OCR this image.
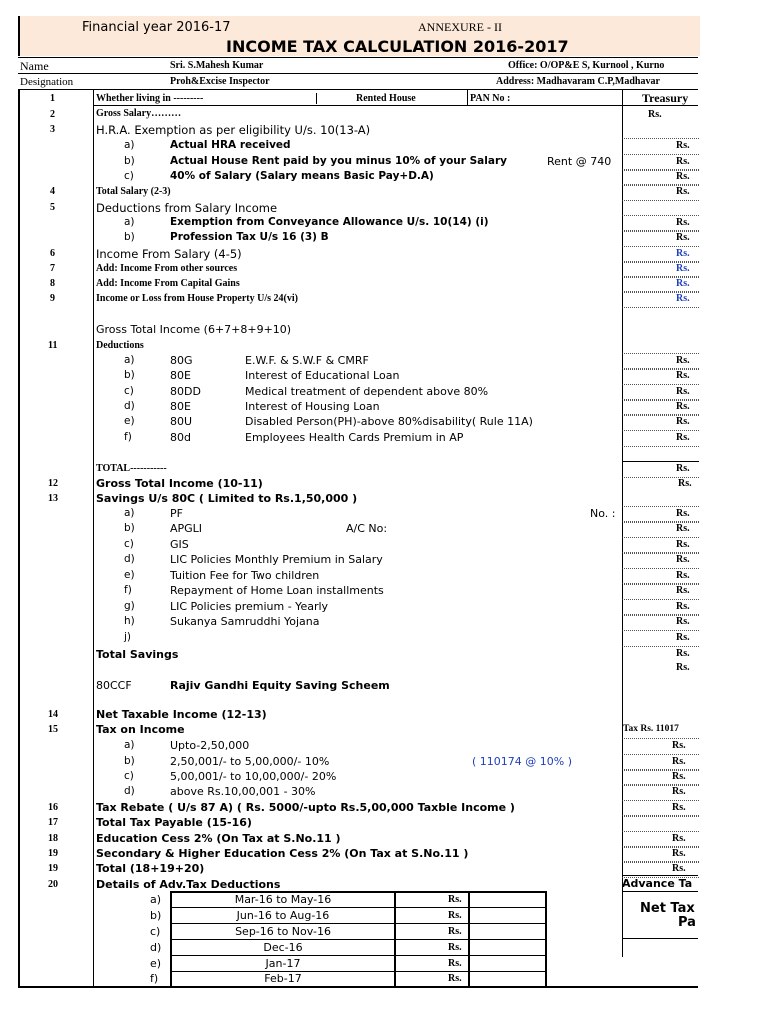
Financial year 2016-17	ANNEXURE - II
INCOME TAX CALCULATION 2016-2017
Name	Sri. S.Mahesh Kumar	Office: O/OP&E S, Kurnool , Kurno
Designation	Proh&Excise Inspector	Address: Madhavaram C.P,Madhavar
1	Whether living in ---------	Rented House	PAN No :	Treasury
2	Gross Salary………	Rs.
3	H.R.A. Exemption as per eligibility U/s. 10(13-A)
a)	Actual HRA received	Rs.
b)	Actual House Rent paid by you minus 10% of your Salary	Rent @ 740	Rs.
c)	40% of Salary (Salary means Basic Pay+D.A)	Rs.
4	Total Salary (2-3)	Rs.
5	Deductions from Salary Income
a)	Exemption from Conveyance Allowance U/s. 10(14) (i)	Rs.
b)	Profession Tax U/s 16 (3) B	Rs.
6	Income From Salary (4-5)	Rs.
7	Add: Income From other sources	Rs.
8	Add: Income From Capital Gains	Rs.
9	Income or Loss from House Property U/s 24(vi)	Rs.
Gross Total Income (6+7+8+9+10)
11	Deductions
a)	80G	E.W.F. & S.W.F & CMRF	Rs.
b)	80E	Interest of Educational Loan	Rs.
c)	80DD	Medical treatment of dependent above 80%	Rs.
d)	80E	Interest of Housing Loan	Rs.
e)	80U	Disabled Person(PH)-above 80%disability( Rule 11A)	Rs.
f)	80d	Employees Health Cards Premium in AP	Rs.
TOTAL-----------	Rs.
12	Gross Total Income (10-11)	Rs.
13	Savings U/s 80C ( Limited to Rs.1,50,000 )
No. :
A/C No:
a)	PF	Rs.
b)	APGLI	Rs.
c)	GIS	Rs.
d)	LIC Policies Monthly Premium in Salary	Rs.
e)	Tuition Fee for Two children	Rs.
f)	Repayment of Home Loan installments	Rs.
g)	LIC Policies premium - Yearly	Rs.
h)	Sukanya Samruddhi Yojana	Rs.
j)	Rs.
Total Savings	Rs.
Rs.
80CCF	Rajiv Gandhi Equity Saving Scheem
14	Net Taxable Income (12-13)
15	Tax on Income	Tax Rs. 11017
a)	Upto-2,50,000	Rs.
b)	2,50,001/- to 5,00,000/- 10%	( 110174 @ 10% )	Rs.
c)	5,00,001/- to 10,00,000/- 20%	Rs.
d)	above Rs.10,00,001 - 30%	Rs.
16	Tax Rebate ( U/s 87 A) ( Rs. 5000/-upto Rs.5,00,000 Taxble Income )	Rs.
17	Total Tax Payable (15-16)
18	Education Cess 2% (On Tax at S.No.11 )	Rs.
19	Secondary & Higher Education Cess 2% (On Tax at S.No.11 )	Rs.
19	Total (18+19+20)	Rs.
20	Details of Adv.Tax Deductions	Advance Ta
Net Tax
Pa
a)	Mar-16 to May-16	Rs.
b)	Jun-16 to Aug-16	Rs.
c)	Sep-16 to Nov-16	Rs.
d)	Dec-16	Rs.
e)	Jan-17	Rs.
f)	Feb-17	Rs.
